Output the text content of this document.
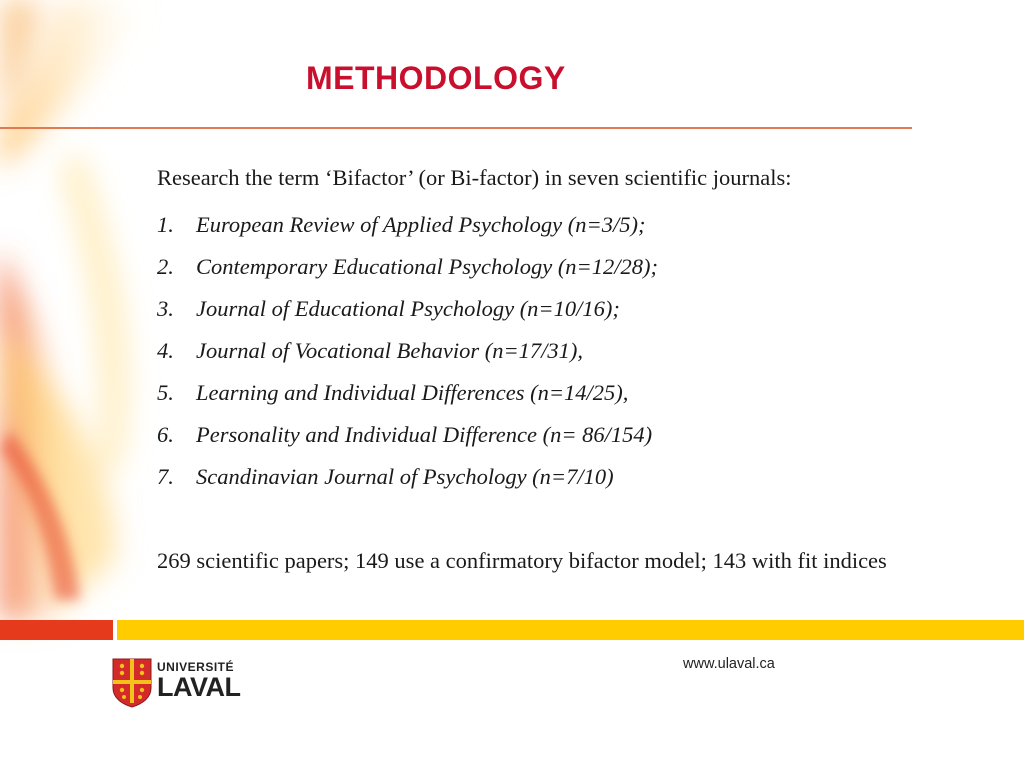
METHODOLOGY

Research the term ‘Bifactor’ (or Bi-factor) in seven scientific journals:

1. European Review of Applied Psychology (n=3/5);
2. Contemporary Educational Psychology (n=12/28);
3. Journal of Educational Psychology (n=10/16);
4. Journal of Vocational Behavior (n=17/31),
5. Learning and Individual Differences (n=14/25),
6. Personality and Individual Difference (n= 86/154)
7. Scandinavian Journal of Psychology (n=7/10)

269 scientific papers; 149 use a confirmatory bifactor model; 143 with fit indices

UNIVERSITÉ
LAVAL
www.ulaval.ca
